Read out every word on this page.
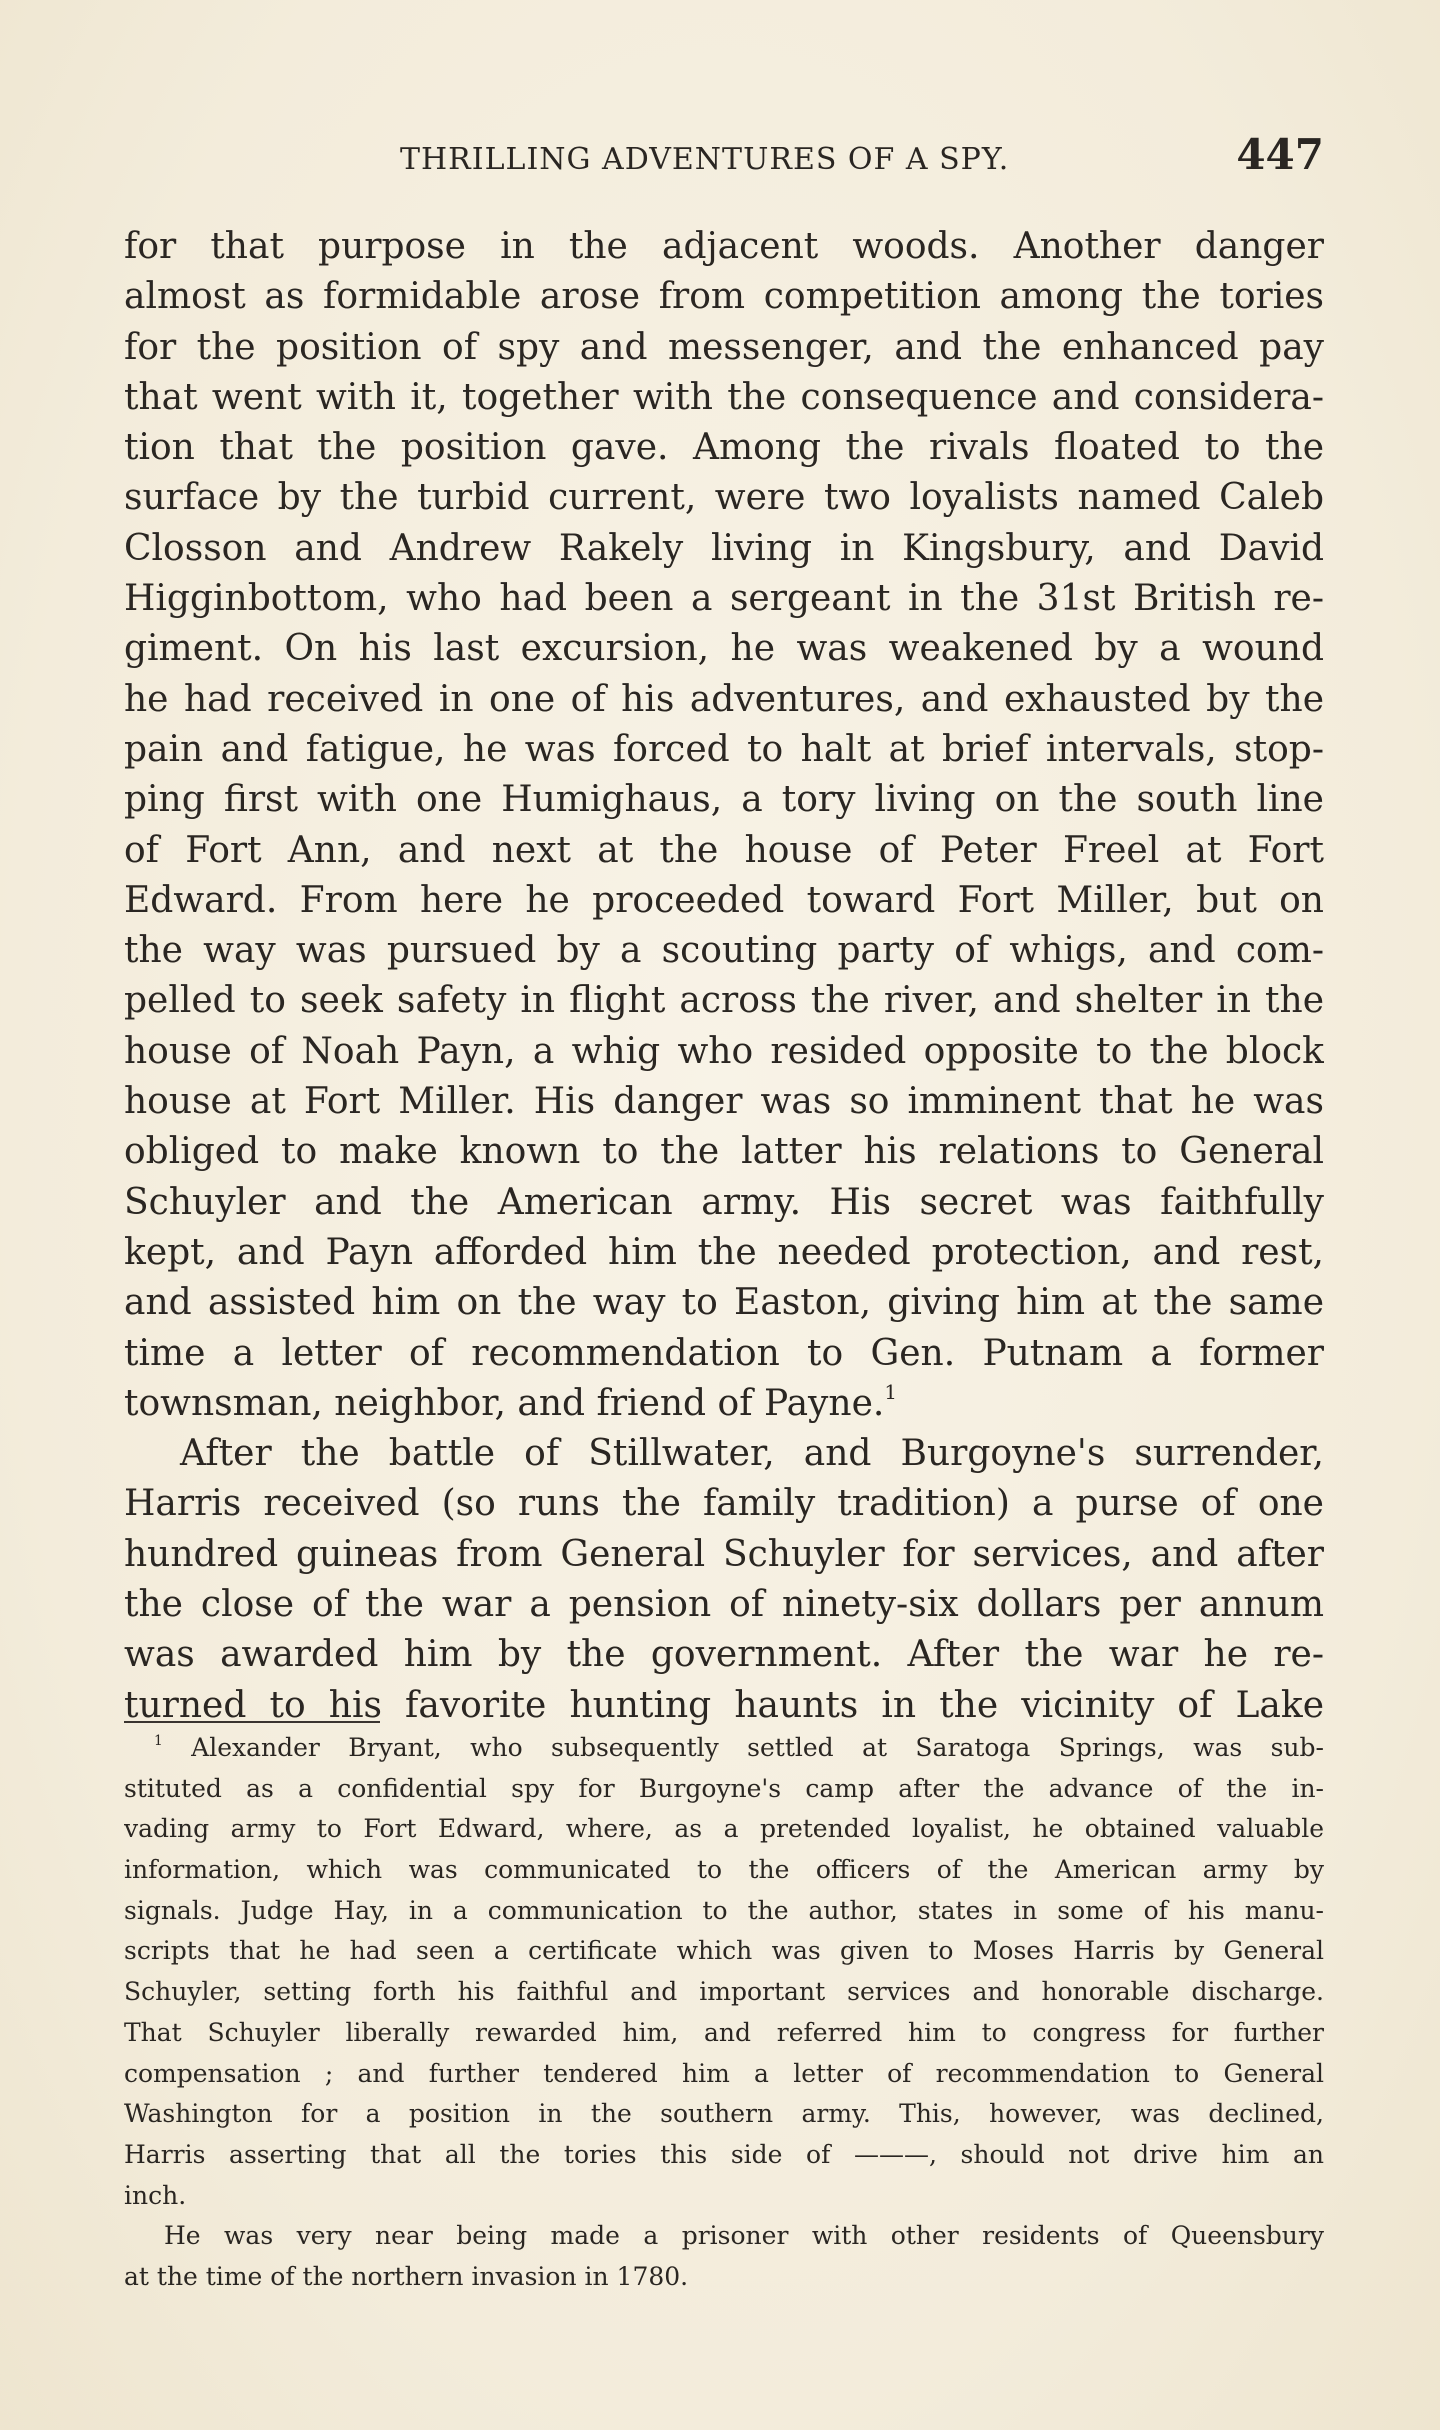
THRILLING ADVENTURES OF A SPY.	447
for that purpose in the adjacent woods. Another danger
almost as formidable arose from competition among the tories
for the position of spy and messenger, and the enhanced pay
that went with it, together with the consequence and considera-
tion that the position gave. Among the rivals floated to the
surface by the turbid current, were two loyalists named Caleb
Closson and Andrew Rakely living in Kingsbury, and David
Higginbottom, who had been a sergeant in the 31st British re-
giment. On his last excursion, he was weakened by a wound
he had received in one of his adventures, and exhausted by the
pain and fatigue, he was forced to halt at brief intervals, stop-
ping first with one Humighaus, a tory living on the south line
of Fort Ann, and next at the house of Peter Freel at Fort
Edward. From here he proceeded toward Fort Miller, but on
the way was pursued by a scouting party of whigs, and com-
pelled to seek safety in flight across the river, and shelter in the
house of Noah Payn, a whig who resided opposite to the block
house at Fort Miller. His danger was so imminent that he was
obliged to make known to the latter his relations to General
Schuyler and the American army. His secret was faithfully
kept, and Payn afforded him the needed protection, and rest,
and assisted him on the way to Easton, giving him at the same
time a letter of recommendation to Gen. Putnam a former
townsman, neighbor, and friend of Payne.$^1$
After the battle of Stillwater, and Burgoyne's surrender,
Harris received (so runs the family tradition) a purse of one
hundred guineas from General Schuyler for services, and after
the close of the war a pension of ninety-six dollars per annum
was awarded him by the government. After the war he re-
turned to his favorite hunting haunts in the vicinity of Lake
$^1$ Alexander Bryant, who subsequently settled at Saratoga Springs, was sub-
stituted as a confidential spy for Burgoyne's camp after the advance of the in-
vading army to Fort Edward, where, as a pretended loyalist, he obtained valuable
information, which was communicated to the officers of the American army by
signals. Judge Hay, in a communication to the author, states in some of his manu-
scripts that he had seen a certificate which was given to Moses Harris by General
Schuyler, setting forth his faithful and important services and honorable discharge.
That Schuyler liberally rewarded him, and referred him to congress for further
compensation ; and further tendered him a letter of recommendation to General
Washington for a position in the southern army. This, however, was declined,
Harris asserting that all the tories this side of ———, should not drive him an
inch.
He was very near being made a prisoner with other residents of Queensbury
at the time of the northern invasion in 1780.
